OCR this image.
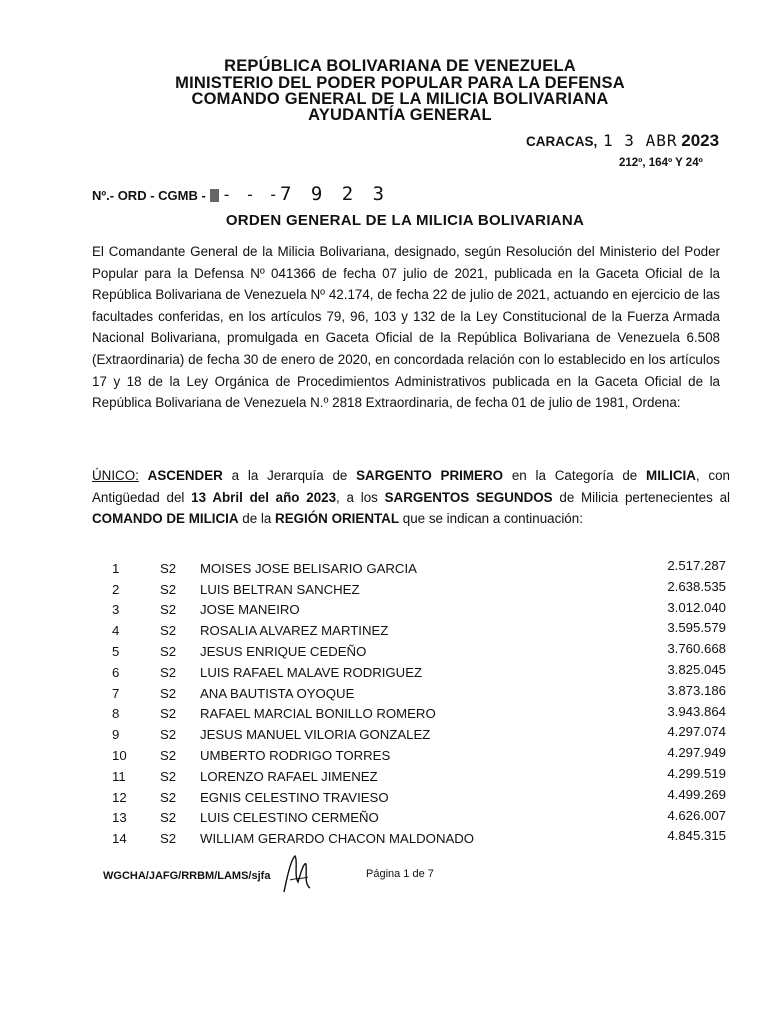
REPÚBLICA BOLIVARIANA DE VENEZUELA
MINISTERIO DEL PODER POPULAR PARA LA DEFENSA
COMANDO GENERAL DE LA MILICIA BOLIVARIANA
AYUDANTÍA GENERAL
CARACAS, 1 3 ABR 2023
212º, 164º Y 24º
Nº.- ORD - CGMB - - - -7 9 2 3
ORDEN GENERAL DE LA MILICIA BOLIVARIANA
El Comandante General de la Milicia Bolivariana, designado, según Resolución del Ministerio del Poder Popular para la Defensa Nº 041366 de fecha 07 julio de 2021, publicada en la Gaceta Oficial de la República Bolivariana de Venezuela Nº 42.174, de fecha 22 de julio de 2021, actuando en ejercicio de las facultades conferidas, en los artículos 79, 96, 103 y 132 de la Ley Constitucional de la Fuerza Armada Nacional Bolivariana, promulgada en Gaceta Oficial de la República Bolivariana de Venezuela 6.508 (Extraordinaria) de fecha 30 de enero de 2020, en concordada relación con lo establecido en los artículos 17 y 18 de la Ley Orgánica de Procedimientos Administrativos publicada en la Gaceta Oficial de la República Bolivariana de Venezuela N.º 2818 Extraordinaria, de fecha 01 de julio de 1981, Ordena:
ÚNICO: ASCENDER a la Jerarquía de SARGENTO PRIMERO en la Categoría de MILICIA, con Antigüedad del 13 Abril del año 2023, a los SARGENTOS SEGUNDOS de Milicia pertenecientes al COMANDO DE MILICIA de la REGIÓN ORIENTAL que se indican a continuación:
1	S2	MOISES JOSE BELISARIO GARCIA	2.517.287
2	S2	LUIS BELTRAN SANCHEZ	2.638.535
3	S2	JOSE MANEIRO	3.012.040
4	S2	ROSALIA ALVAREZ MARTINEZ	3.595.579
5	S2	JESUS ENRIQUE CEDEÑO	3.760.668
6	S2	LUIS RAFAEL MALAVE RODRIGUEZ	3.825.045
7	S2	ANA BAUTISTA OYOQUE	3.873.186
8	S2	RAFAEL MARCIAL BONILLO ROMERO	3.943.864
9	S2	JESUS MANUEL VILORIA GONZALEZ	4.297.074
10	S2	UMBERTO RODRIGO TORRES	4.297.949
11	S2	LORENZO RAFAEL JIMENEZ	4.299.519
12	S2	EGNIS CELESTINO TRAVIESO	4.499.269
13	S2	LUIS CELESTINO CERMEÑO	4.626.007
14	S2	WILLIAM GERARDO CHACON MALDONADO	4.845.315
WGCHA/JAFG/RRBM/LAMS/sjfa	Página 1 de 7
